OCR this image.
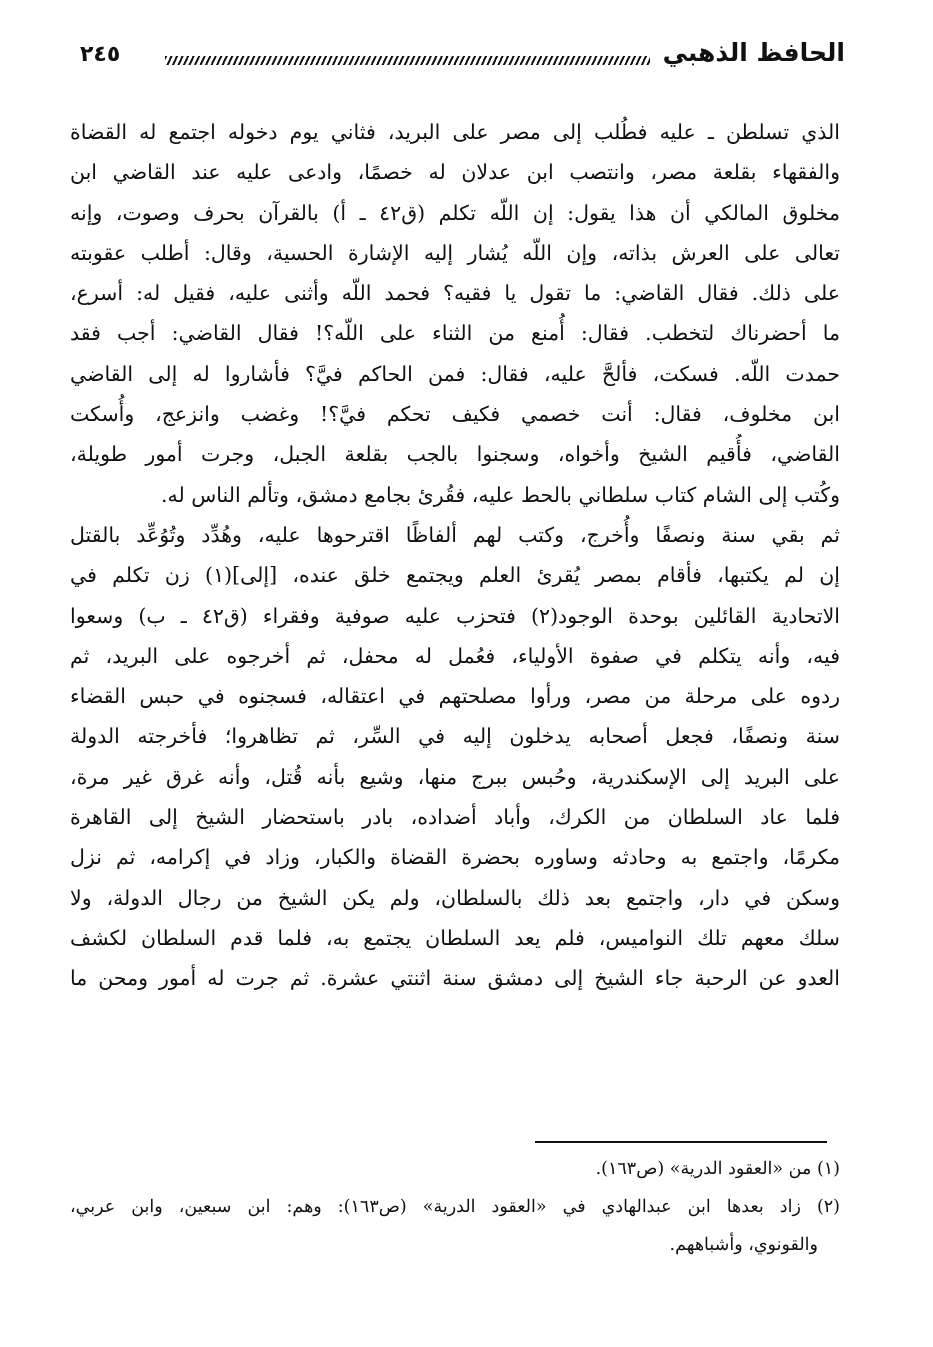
٢٤٥	الحافظ الذهبي
الذي تسلطن ـ عليه فطُلب إلى مصر على البريد، فثاني يوم دخوله اجتمع له القضاة
والفقهاء بقلعة مصر، وانتصب ابن عدلان له خصمًا، وادعى عليه عند القاضي ابن
مخلوق المالكي أن هذا يقول: إن اللّه تكلم (ق٤٢ ـ أ) بالقرآن بحرف وصوت، وإنه
تعالى على العرش بذاته، وإن اللّه يُشار إليه الإشارة الحسية، وقال: أطلب عقوبته
على ذلك. فقال القاضي: ما تقول يا فقيه؟ فحمد اللّه وأثنى عليه، فقيل له: أسرع،
ما أحضرناك لتخطب. فقال: أُمنع من الثناء على اللّه؟! فقال القاضي: أجب فقد
حمدت اللّه. فسكت، فألحَّ عليه، فقال: فمن الحاكم فيَّ؟ فأشاروا له إلى القاضي
ابن مخلوف، فقال: أنت خصمي فكيف تحكم فيَّ؟! وغضب وانزعج، وأُسكت
القاضي، فأُقيم الشيخ وأخواه، وسجنوا بالجب بقلعة الجبل، وجرت أمور طويلة،
وكُتب إلى الشام كتاب سلطاني بالحط عليه، فقُرئ بجامع دمشق، وتألم الناس له.
ثم بقي سنة ونصفًا وأُخرج، وكتب لهم ألفاظًا اقترحوها عليه، وهُدِّد وتُوُعِّد بالقتل
إن لم يكتبها، فأقام بمصر يُقرئ العلم ويجتمع خلق عنده، [إلى](١) زن تكلم في
الاتحادية القائلين بوحدة الوجود(٢) فتحزب عليه صوفية وفقراء (ق٤٢ ـ ب) وسعوا
فيه، وأنه يتكلم في صفوة الأولياء، فعُمل له محفل، ثم أخرجوه على البريد، ثم
ردوه على مرحلة من مصر، ورأوا مصلحتهم في اعتقاله، فسجنوه في حبس القضاء
سنة ونصفًا، فجعل أصحابه يدخلون إليه في السِّر، ثم تظاهروا؛ فأخرجته الدولة
على البريد إلى الإسكندرية، وحُبس ببرج منها، وشيع بأنه قُتل، وأنه غرق غير مرة،
فلما عاد السلطان من الكرك، وأباد أضداده، بادر باستحضار الشيخ إلى القاهرة
مكرمًا، واجتمع به وحادثه وساوره بحضرة القضاة والكبار، وزاد في إكرامه، ثم نزل
وسكن في دار، واجتمع بعد ذلك بالسلطان، ولم يكن الشيخ من رجال الدولة، ولا
سلك معهم تلك النواميس، فلم يعد السلطان يجتمع به، فلما قدم السلطان لكشف
العدو عن الرحبة جاء الشيخ إلى دمشق سنة اثنتي عشرة. ثم جرت له أمور ومحن ما
(١) من «العقود الدرية» (ص١٦٣).
(٢) زاد بعدها ابن عبدالهادي في «العقود الدرية» (ص١٦٣): وهم: ابن سبعين، وابن عربي،
والقونوي، وأشباههم.
